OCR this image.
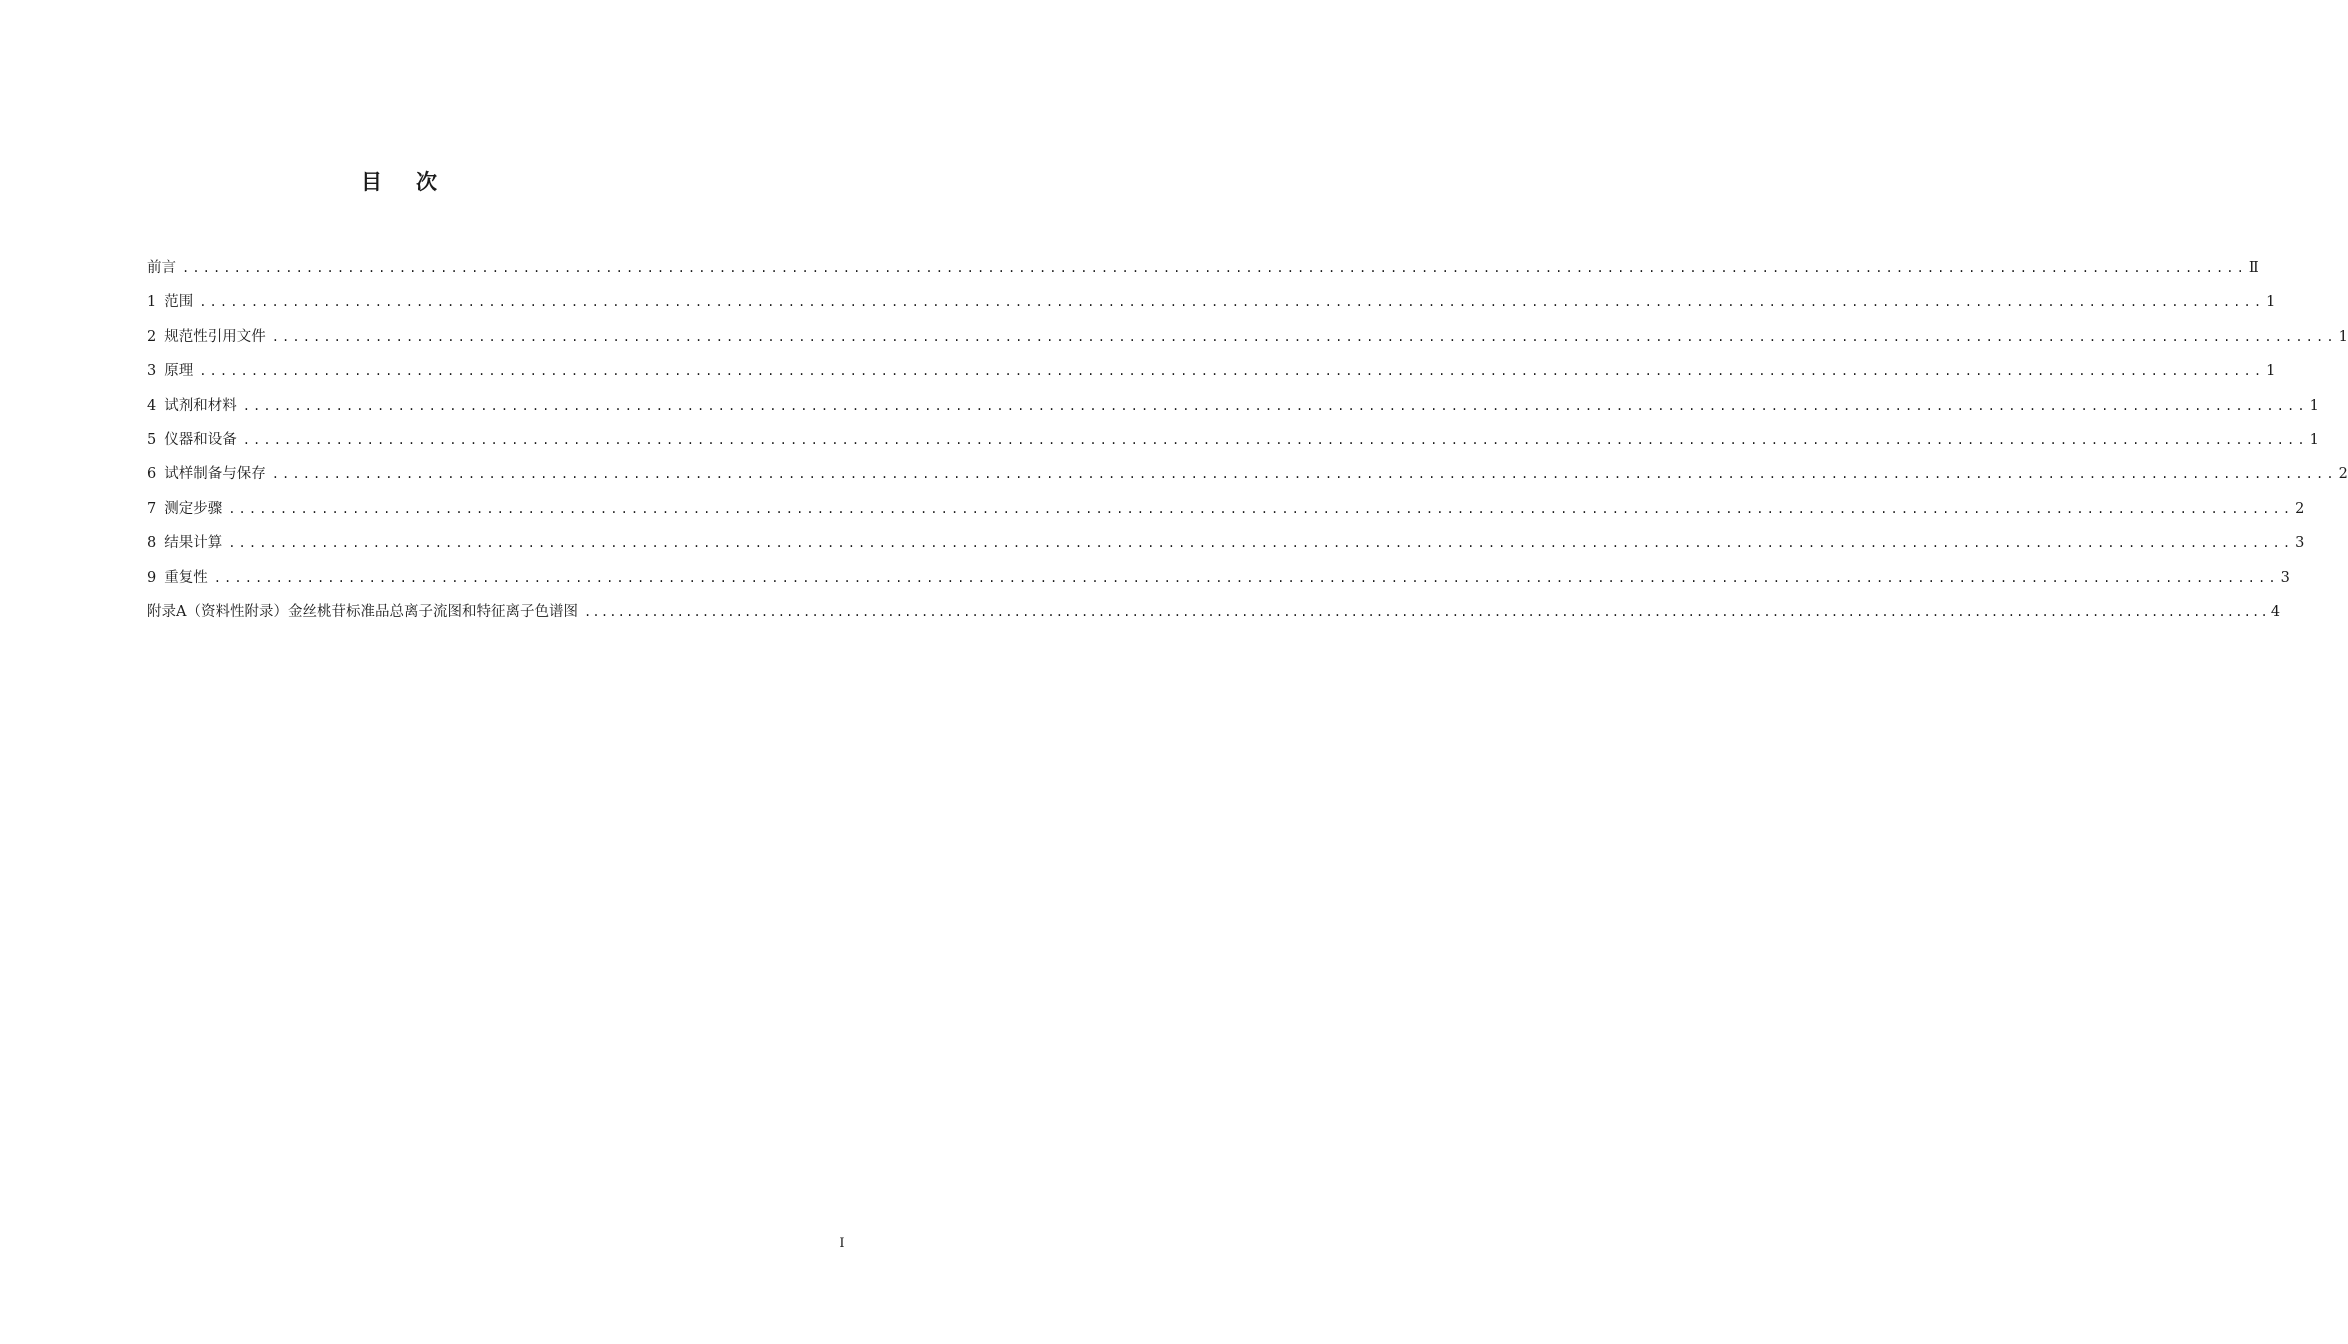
目 次
前言 ........................................................................................................................................................................................................ Ⅱ
1 范围 ........................................................................................................................................................................................................ 1
2 规范性引用文件 ........................................................................................................................................................................................................ 1
3 原理 ........................................................................................................................................................................................................ 1
4 试剂和材料 ........................................................................................................................................................................................................ 1
5 仪器和设备 ........................................................................................................................................................................................................ 1
6 试样制备与保存 ........................................................................................................................................................................................................ 2
7 测定步骤 ........................................................................................................................................................................................................ 2
8 结果计算 ........................................................................................................................................................................................................ 3
9 重复性 ........................................................................................................................................................................................................ 3
附录A（资料性附录）金丝桃苷标准品总离子流图和特征离子色谱图 ........................................................................................................................................................................................................ 4
I
